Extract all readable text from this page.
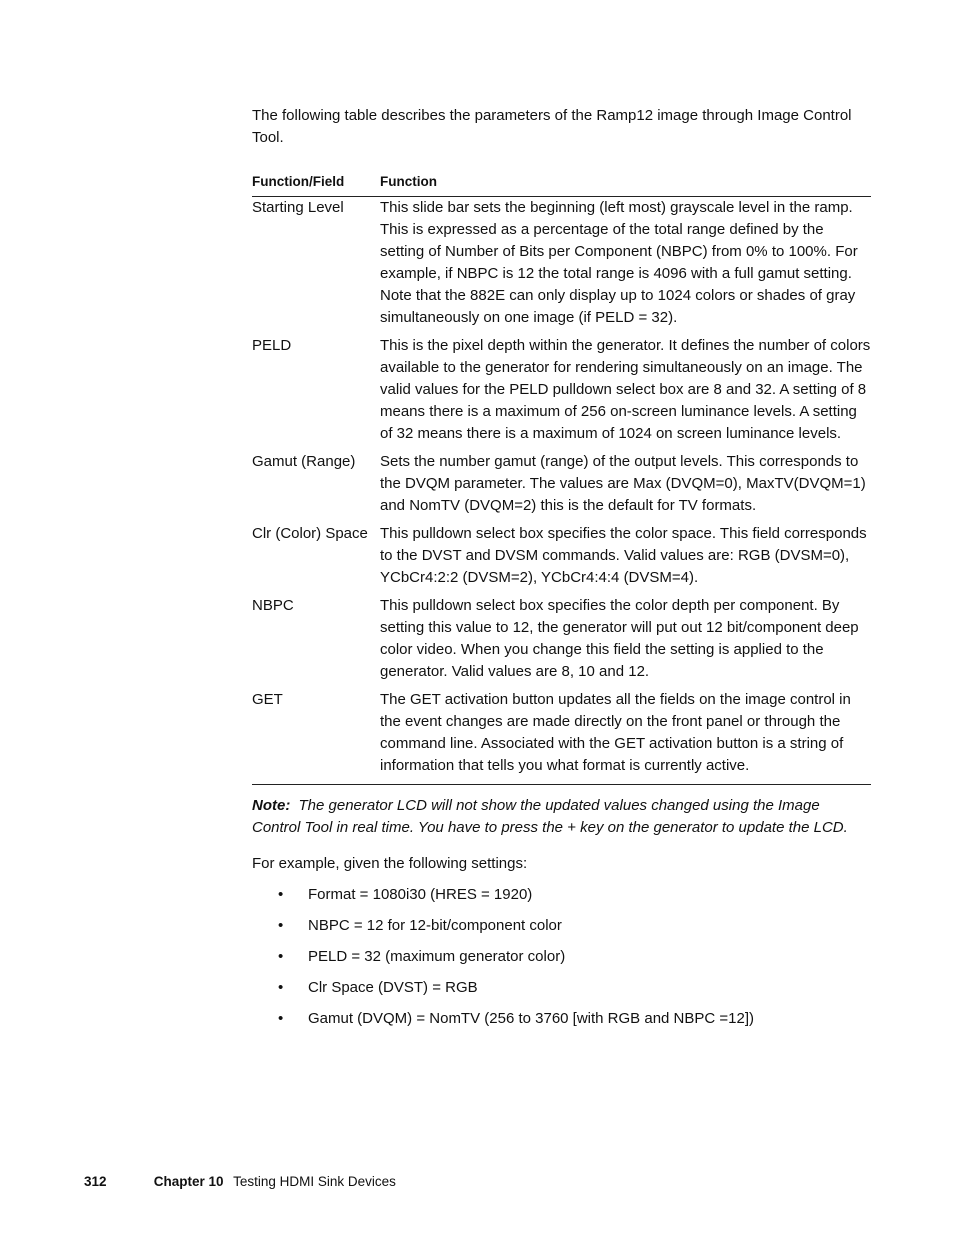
The following table describes the parameters of the Ramp12 image through Image Control Tool.

Function/Field	Function
Starting Level	This slide bar sets the beginning (left most) grayscale level in the ramp. This is expressed as a percentage of the total range defined by the setting of Number of Bits per Component (NBPC) from 0% to 100%. For example, if NBPC is 12 the total range is 4096 with a full gamut setting. Note that the 882E can only display up to 1024 colors or shades of gray simultaneously on one image (if PELD = 32).
PELD	This is the pixel depth within the generator. It defines the number of colors available to the generator for rendering simultaneously on an image. The valid values for the PELD pulldown select box are 8 and 32. A setting of 8 means there is a maximum of 256 on-screen luminance levels. A setting of 32 means there is a maximum of 1024 on screen luminance levels.
Gamut (Range)	Sets the number gamut (range) of the output levels. This corresponds to the DVQM parameter. The values are Max (DVQM=0), MaxTV(DVQM=1) and NomTV (DVQM=2) this is the default for TV formats.
Clr (Color) Space	This pulldown select box specifies the color space. This field corresponds to the DVST and DVSM commands. Valid values are: RGB (DVSM=0), YCbCr4:2:2 (DVSM=2), YCbCr4:4:4 (DVSM=4).
NBPC	This pulldown select box specifies the color depth per component. By setting this value to 12, the generator will put out 12 bit/component deep color video. When you change this field the setting is applied to the generator. Valid values are 8, 10 and 12.
GET	The GET activation button updates all the fields on the image control in the event changes are made directly on the front panel or through the command line. Associated with the GET activation button is a string of information that tells you what format is currently active.

Note: The generator LCD will not show the updated values changed using the Image Control Tool in real time. You have to press the + key on the generator to update the LCD.

For example, given the following settings:

• Format = 1080i30 (HRES = 1920)
• NBPC = 12 for 12-bit/component color
• PELD = 32 (maximum generator color)
• Clr Space (DVST) = RGB
• Gamut (DVQM) = NomTV (256 to 3760 [with RGB and NBPC =12])
312	Chapter 10 Testing HDMI Sink Devices
